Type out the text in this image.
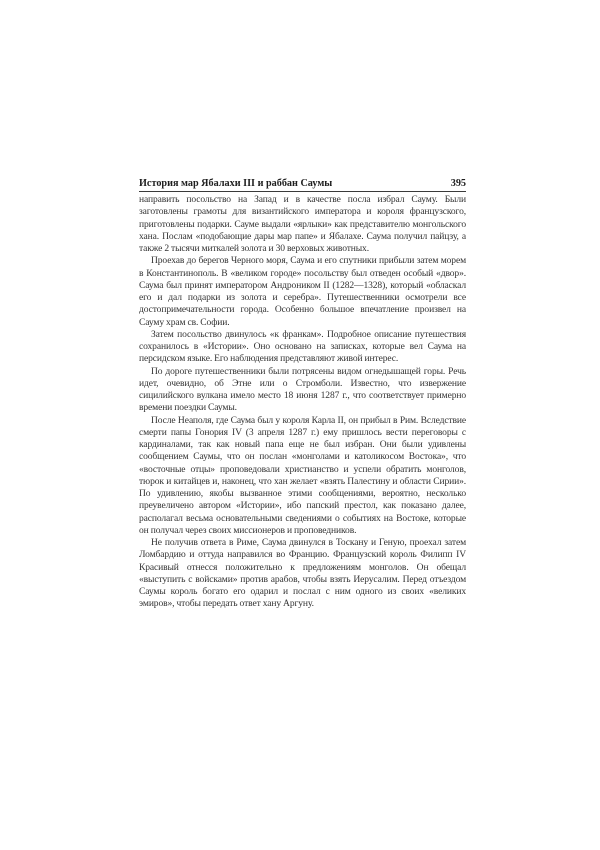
История мар Ябалахи III и раббан Саумы	395

направить посольство на Запад и в качестве посла избрал Сауму. Были заготовлены грамоты для византийского императора и короля французского, приготовлены подарки. Сауме выдали «ярлыки» как представителю монгольского хана. Послам «подобающие дары мар папе» и Ябалахе. Саума получил пайцзу, а также 2 тысячи миткалей золота и 30 верховых животных.

Проехав до берегов Черного моря, Саума и его спутники прибыли затем морем в Константинополь. В «великом городе» посольству был отведен особый «двор». Саума был принят императором Андроником II (1282—1328), который «обласкал его и дал подарки из золота и серебра». Путешественники осмотрели все достопримечательности города. Особенно большое впечатление произвел на Сауму храм св. Софии.

Затем посольство двинулось «к франкам». Подробное описание путешествия сохранилось в «Истории». Оно основано на записках, которые вел Саума на персидском языке. Его наблюдения представляют живой интерес.

По дороге путешественники были потрясены видом огнедышащей горы. Речь идет, очевидно, об Этне или о Стромболи. Известно, что извержение сицилийского вулкана имело место 18 июня 1287 г., что соответствует примерно времени поездки Саумы.

После Неаполя, где Саума был у короля Карла II, он прибыл в Рим. Вследствие смерти папы Гонория IV (3 апреля 1287 г.) ему пришлось вести переговоры с кардиналами, так как новый папа еще не был избран. Они были удивлены сообщением Саумы, что он послан «монголами и католикосом Востока», что «восточные отцы» проповедовали христианство и успели обратить монголов, тюрок и китайцев и, наконец, что хан желает «взять Палестину и области Сирии». По удивлению, якобы вызванное этими сообщениями, вероятно, несколько преувеличено автором «Истории», ибо папский престол, как показано далее, располагал весьма основательными сведениями о событиях на Востоке, которые он получал через своих миссионеров и проповедников.

Не получив ответа в Риме, Саума двинулся в Тоскану и Геную, проехал затем Ломбардию и оттуда направился во Францию. Французский король Филипп IV Красивый отнесся положительно к предложениям монголов. Он обещал «выступить с войсками» против арабов, чтобы взять Иерусалим. Перед отъездом Саумы король богато его одарил и послал с ним одного из своих «великих эмиров», чтобы передать ответ хану Аргуну.
